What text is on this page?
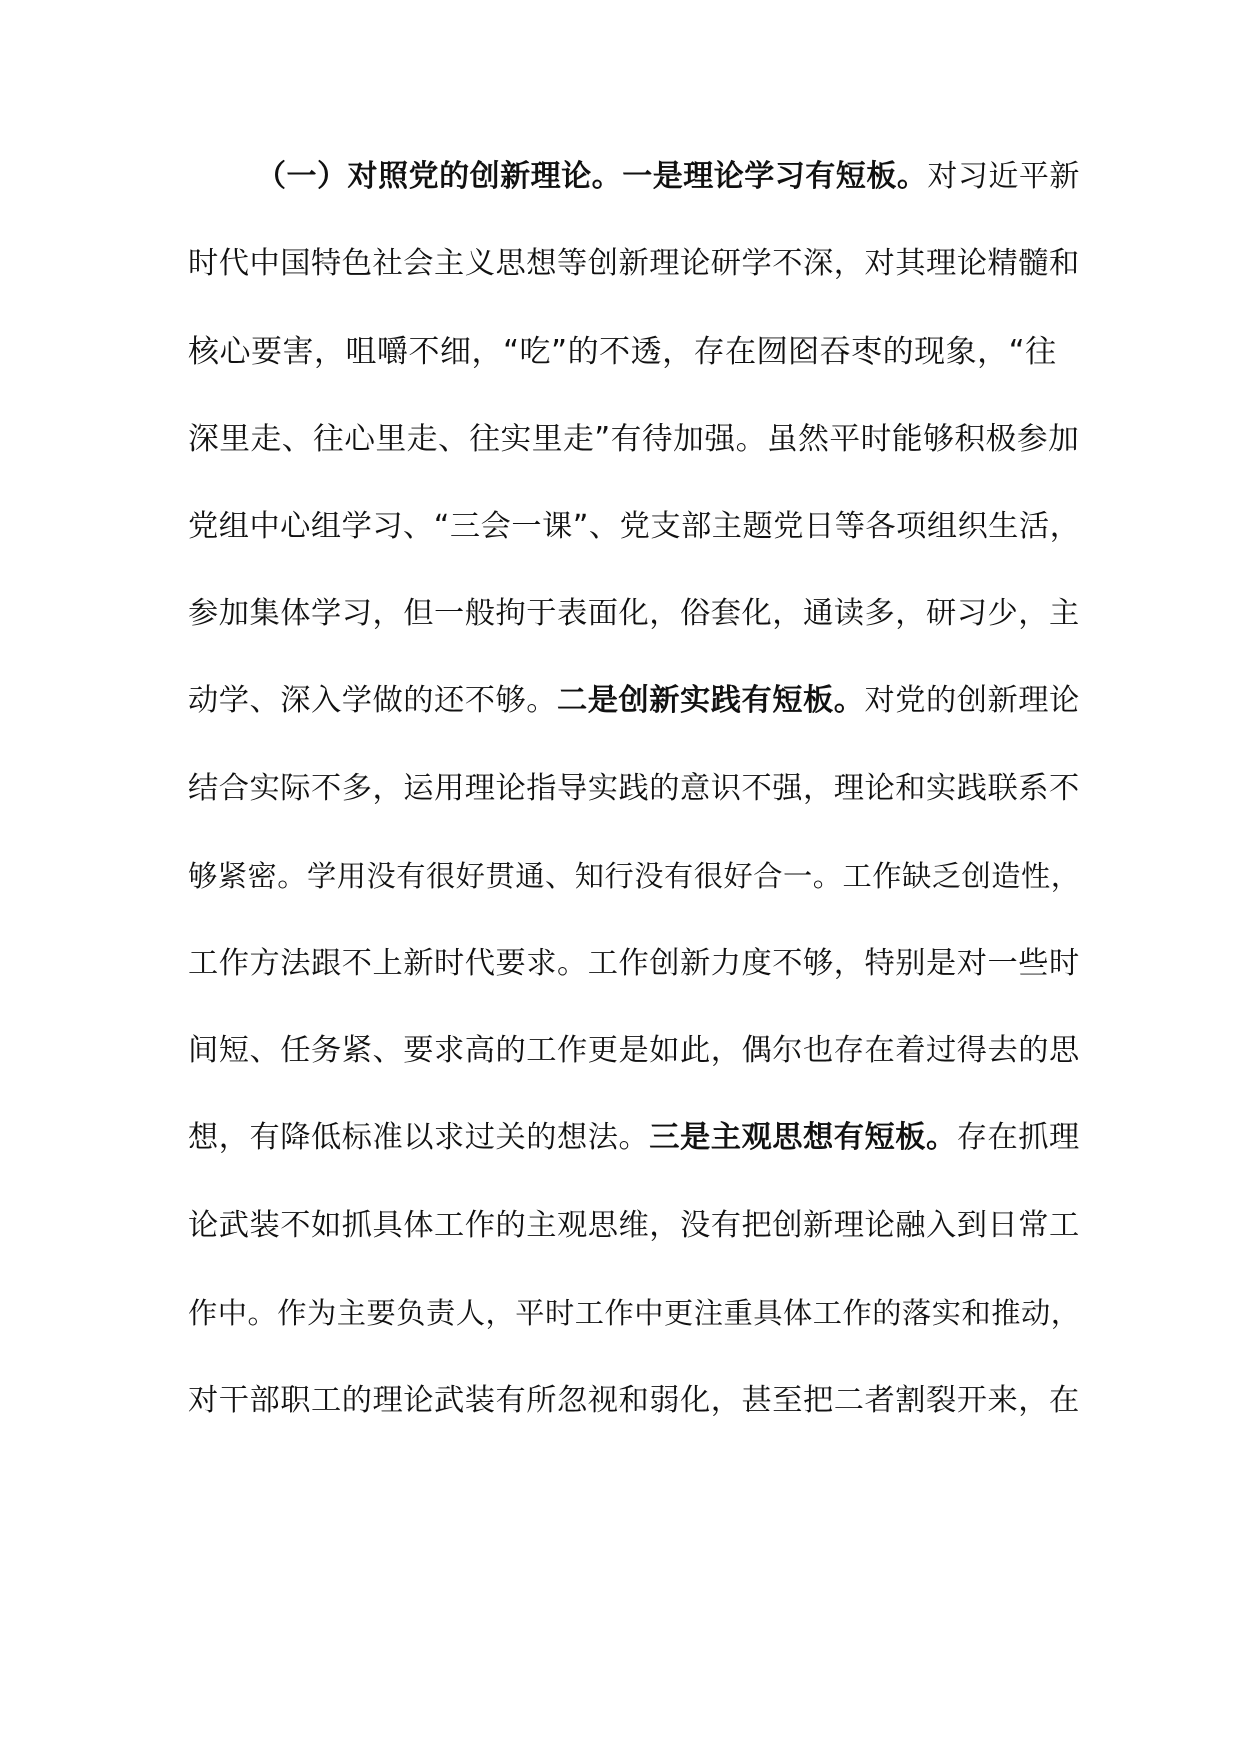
（一）对照党的创新理论。一是理论学习有短板。对习近平新
时代中国特色社会主义思想等创新理论研学不深，对其理论精髓和
核心要害，咀嚼不细，“吃”的不透，存在囫囵吞枣的现象，“往
深里走、往心里走、往实里走”有待加强。虽然平时能够积极参加
党组中心组学习、“三会一课”、党支部主题党日等各项组织生活，
参加集体学习，但一般拘于表面化，俗套化，通读多，研习少，主
动学、深入学做的还不够。二是创新实践有短板。对党的创新理论
结合实际不多，运用理论指导实践的意识不强，理论和实践联系不
够紧密。学用没有很好贯通、知行没有很好合一。工作缺乏创造性，
工作方法跟不上新时代要求。工作创新力度不够，特别是对一些时
间短、任务紧、要求高的工作更是如此，偶尔也存在着过得去的思
想，有降低标准以求过关的想法。三是主观思想有短板。存在抓理
论武装不如抓具体工作的主观思维，没有把创新理论融入到日常工
作中。作为主要负责人，平时工作中更注重具体工作的落实和推动，
对干部职工的理论武装有所忽视和弱化，甚至把二者割裂开来，在
